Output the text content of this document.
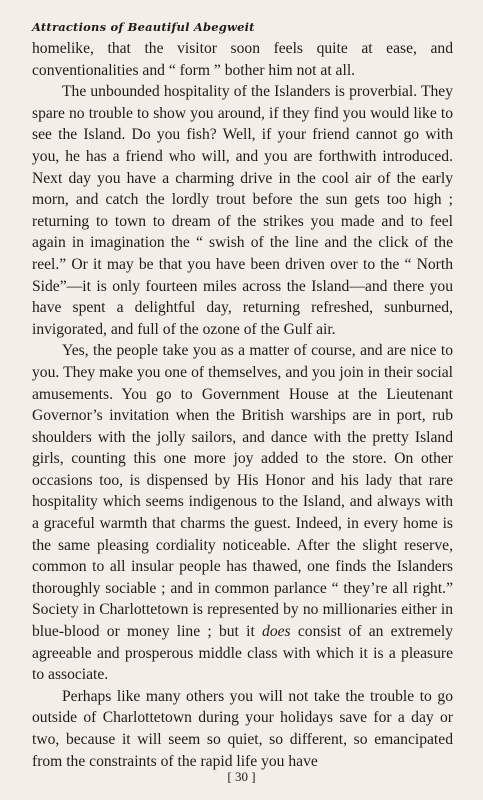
Attractions of Beautiful Abegweit

homelike, that the visitor soon feels quite at ease, and conventionalities and “ form ” bother him not at all.

The unbounded hospitality of the Islanders is proverbial. They spare no trouble to show you around, if they find you would like to see the Island. Do you fish? Well, if your friend cannot go with you, he has a friend who will, and you are forthwith introduced. Next day you have a charming drive in the cool air of the early morn, and catch the lordly trout before the sun gets too high ; returning to town to dream of the strikes you made and to feel again in imagination the “ swish of the line and the click of the reel.” Or it may be that you have been driven over to the “ North Side”—it is only fourteen miles across the Island—and there you have spent a delightful day, returning refreshed, sunburned, invigorated, and full of the ozone of the Gulf air.

Yes, the people take you as a matter of course, and are nice to you. They make you one of themselves, and you join in their social amusements. You go to Government House at the Lieutenant Governor’s invitation when the British warships are in port, rub shoulders with the jolly sailors, and dance with the pretty Island girls, counting this one more joy added to the store. On other occasions too, is dispensed by His Honor and his lady that rare hospitality which seems indigenous to the Island, and always with a graceful warmth that charms the guest. Indeed, in every home is the same pleasing cordiality noticeable. After the slight reserve, common to all insular people has thawed, one finds the Islanders thoroughly sociable ; and in common parlance “ they’re all right.” Society in Charlottetown is represented by no millionaries either in blue-blood or money line ; but it does consist of an extremely agreeable and prosperous middle class with which it is a pleasure to associate.

Perhaps like many others you will not take the trouble to go outside of Charlottetown during your holidays save for a day or two, because it will seem so quiet, so different, so emancipated from the constraints of the rapid life you have

[ 30 ]
